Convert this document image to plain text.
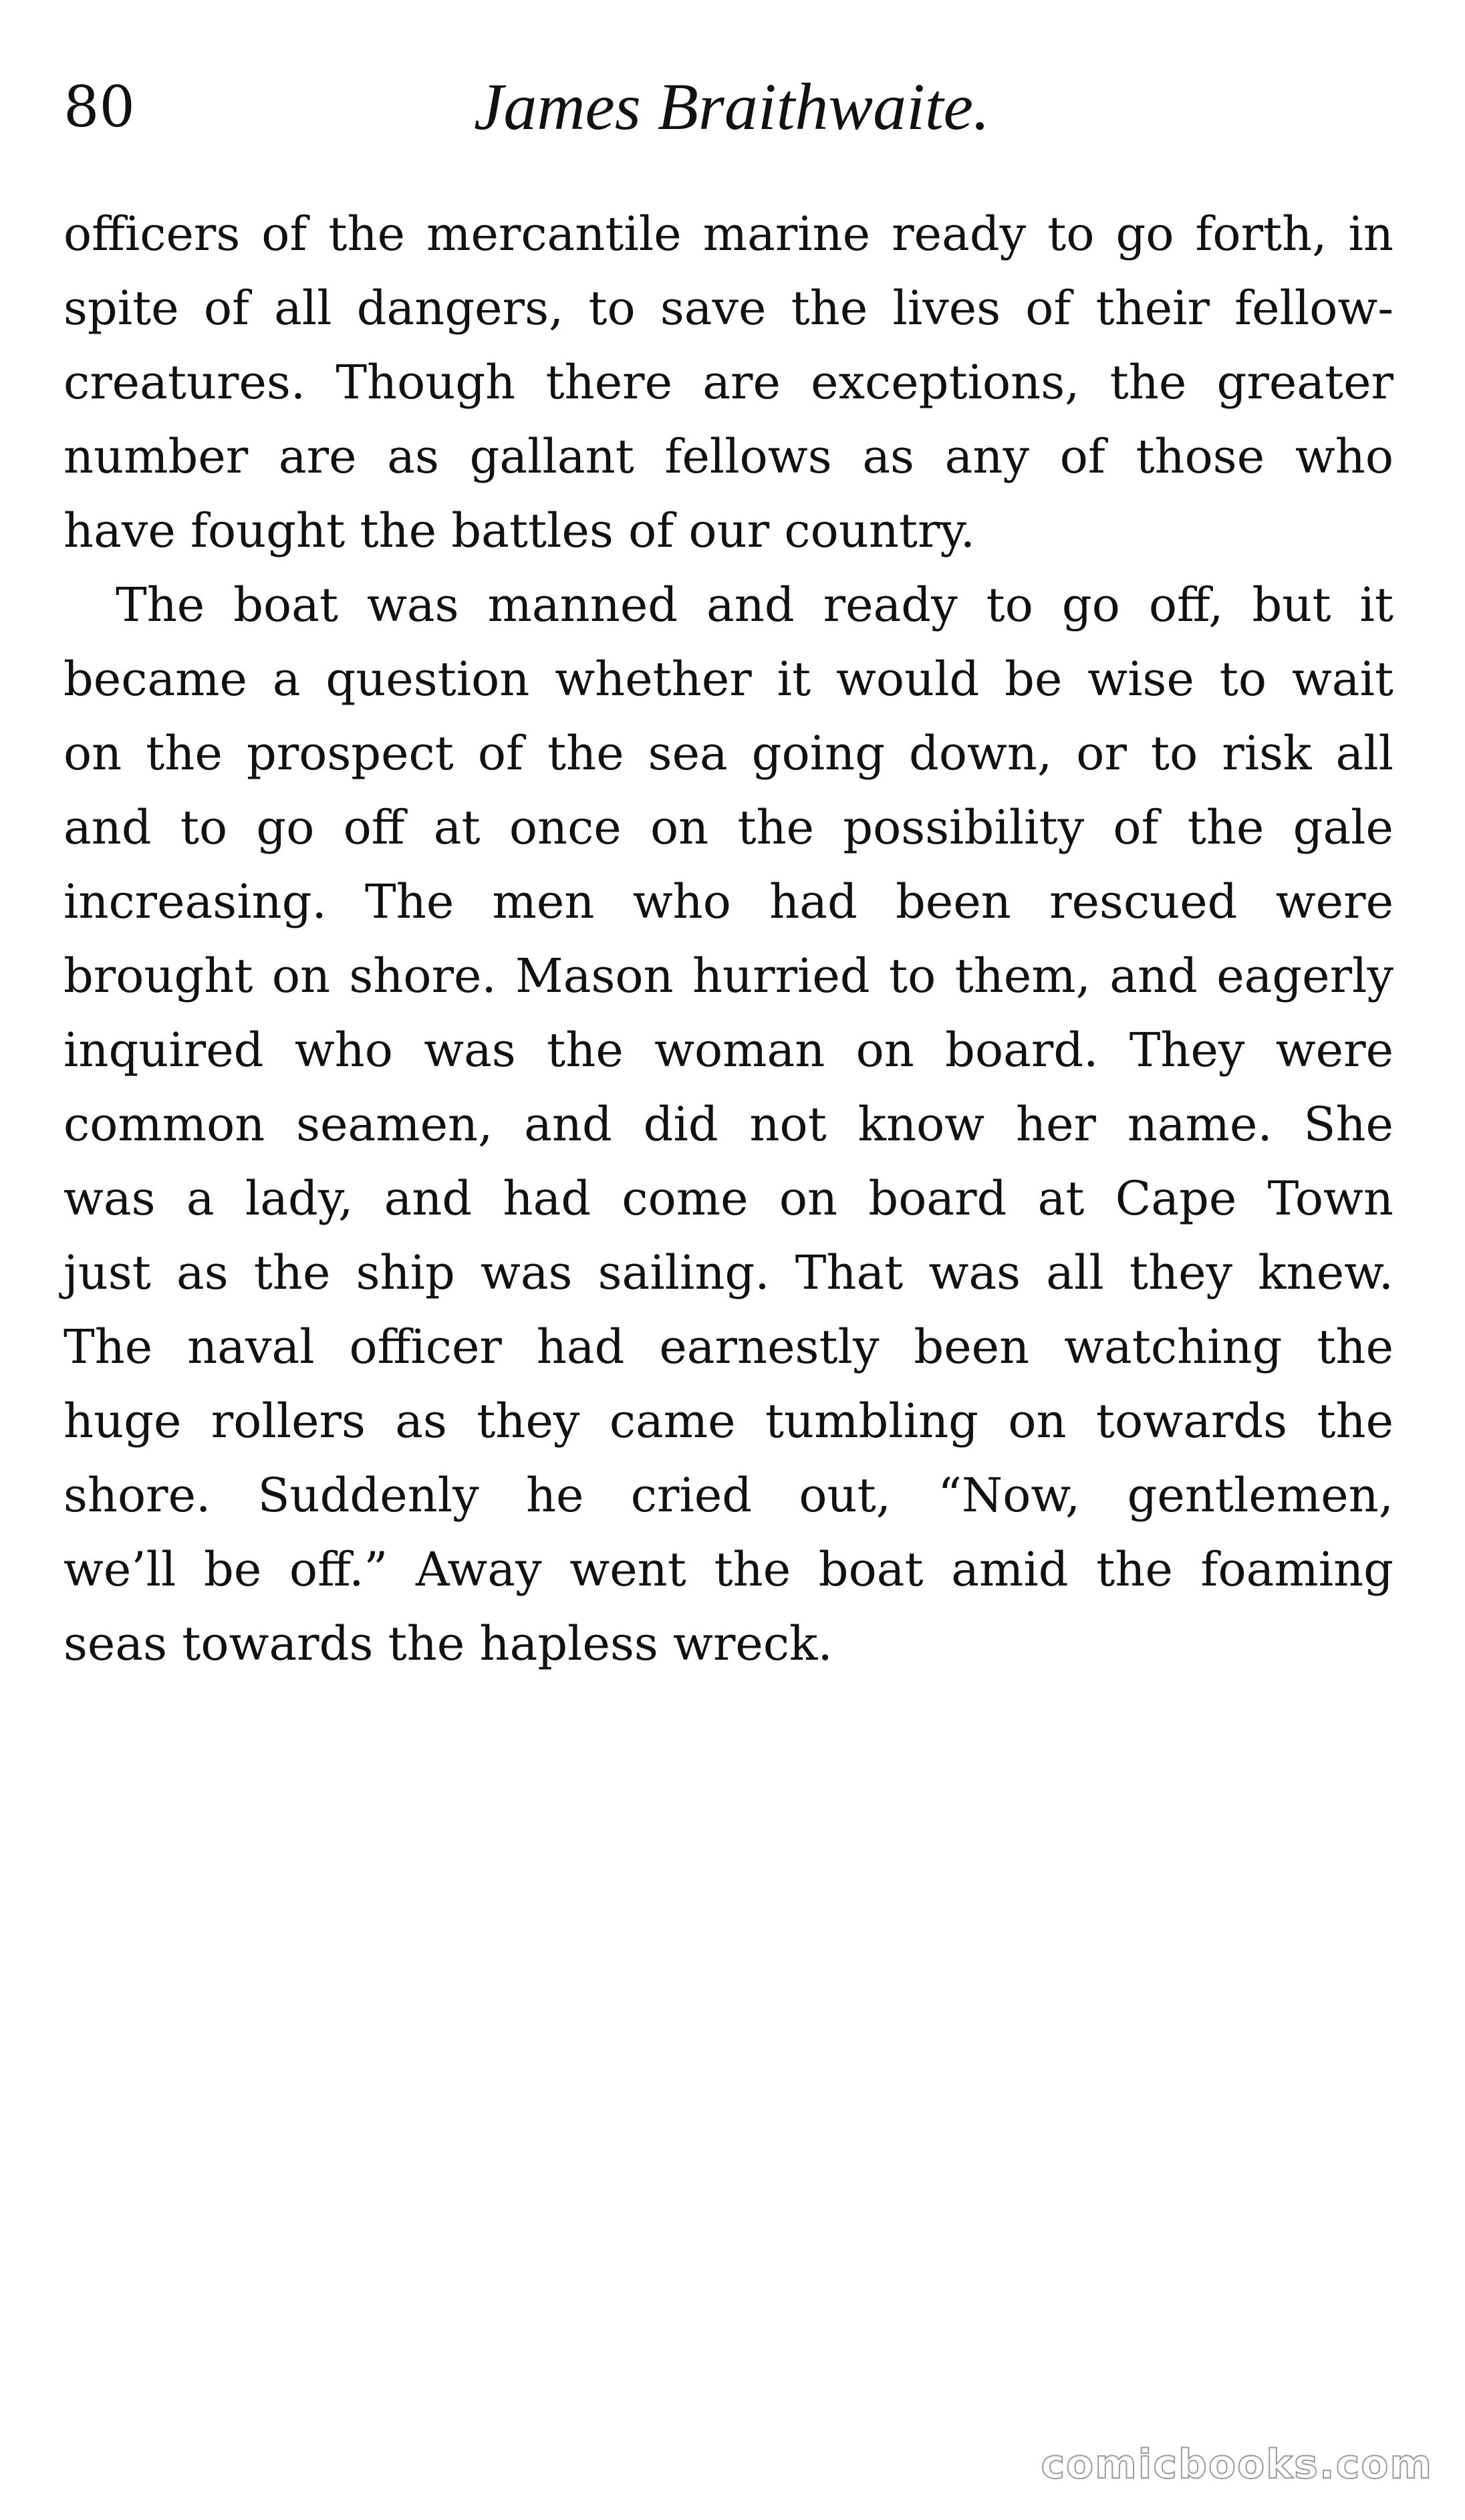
80	James Braithwaite.
officers of the mercantile marine ready to go forth, in
spite of all dangers, to save the lives of their fellow-
creatures. Though there are exceptions, the greater
number are as gallant fellows as any of those who
have fought the battles of our country.
The boat was manned and ready to go off, but it
became a question whether it would be wise to wait
on the prospect of the sea going down, or to risk all
and to go off at once on the possibility of the gale
increasing. The men who had been rescued were
brought on shore. Mason hurried to them, and eagerly
inquired who was the woman on board. They were
common seamen, and did not know her name. She
was a lady, and had come on board at Cape Town
just as the ship was sailing. That was all they knew.
The naval officer had earnestly been watching the
huge rollers as they came tumbling on towards the
shore. Suddenly he cried out, “Now, gentlemen,
we’ll be off.” Away went the boat amid the foaming
seas towards the hapless wreck.
comicbooks.com
